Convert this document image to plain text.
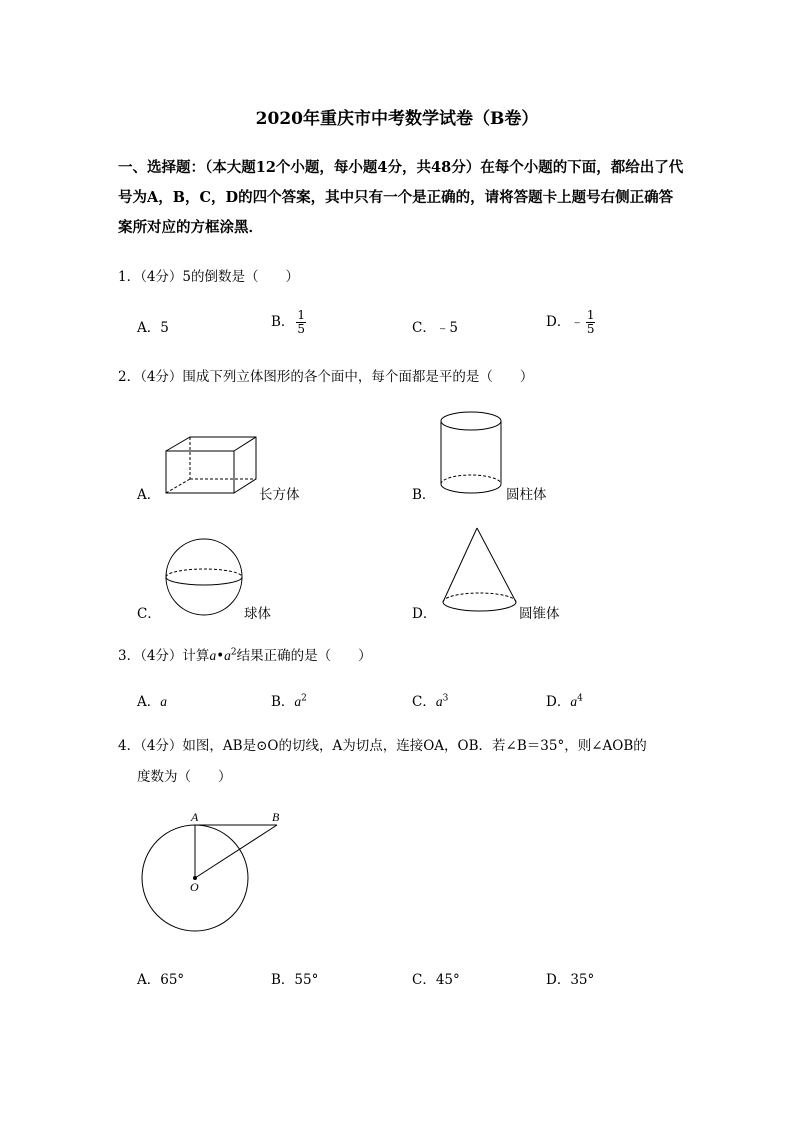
2020年重庆市中考数学试卷（B卷）
一、选择题：（本大题12个小题，每小题4分，共48分）在每个小题的下面，都给出了代号为A，B，C，D的四个答案，其中只有一个是正确的，请将答题卡上题号右侧正确答案所对应的方框涂黑．
1．（4分）5的倒数是（　　）
A．5	B． $\frac{1}{5}$	C．﹣5	D．﹣ $\frac{1}{5}$
2．（4分）围成下列立体图形的各个面中，每个面都是平的是（　　）
A．	长方体	B．	圆柱体
C．	球体	D．	圆锥体
3．（4分）计算$a•a^2$结果正确的是（　　）
A．a	B．$a^2$	C．$a^3$	D．$a^4$
4．（4分）如图，AB是⊙O的切线，A为切点，连接OA，OB．若∠B＝35°，则∠AOB的
度数为（　　）
A	B
O
A．65°	B．55°	C．45°	D．35°
